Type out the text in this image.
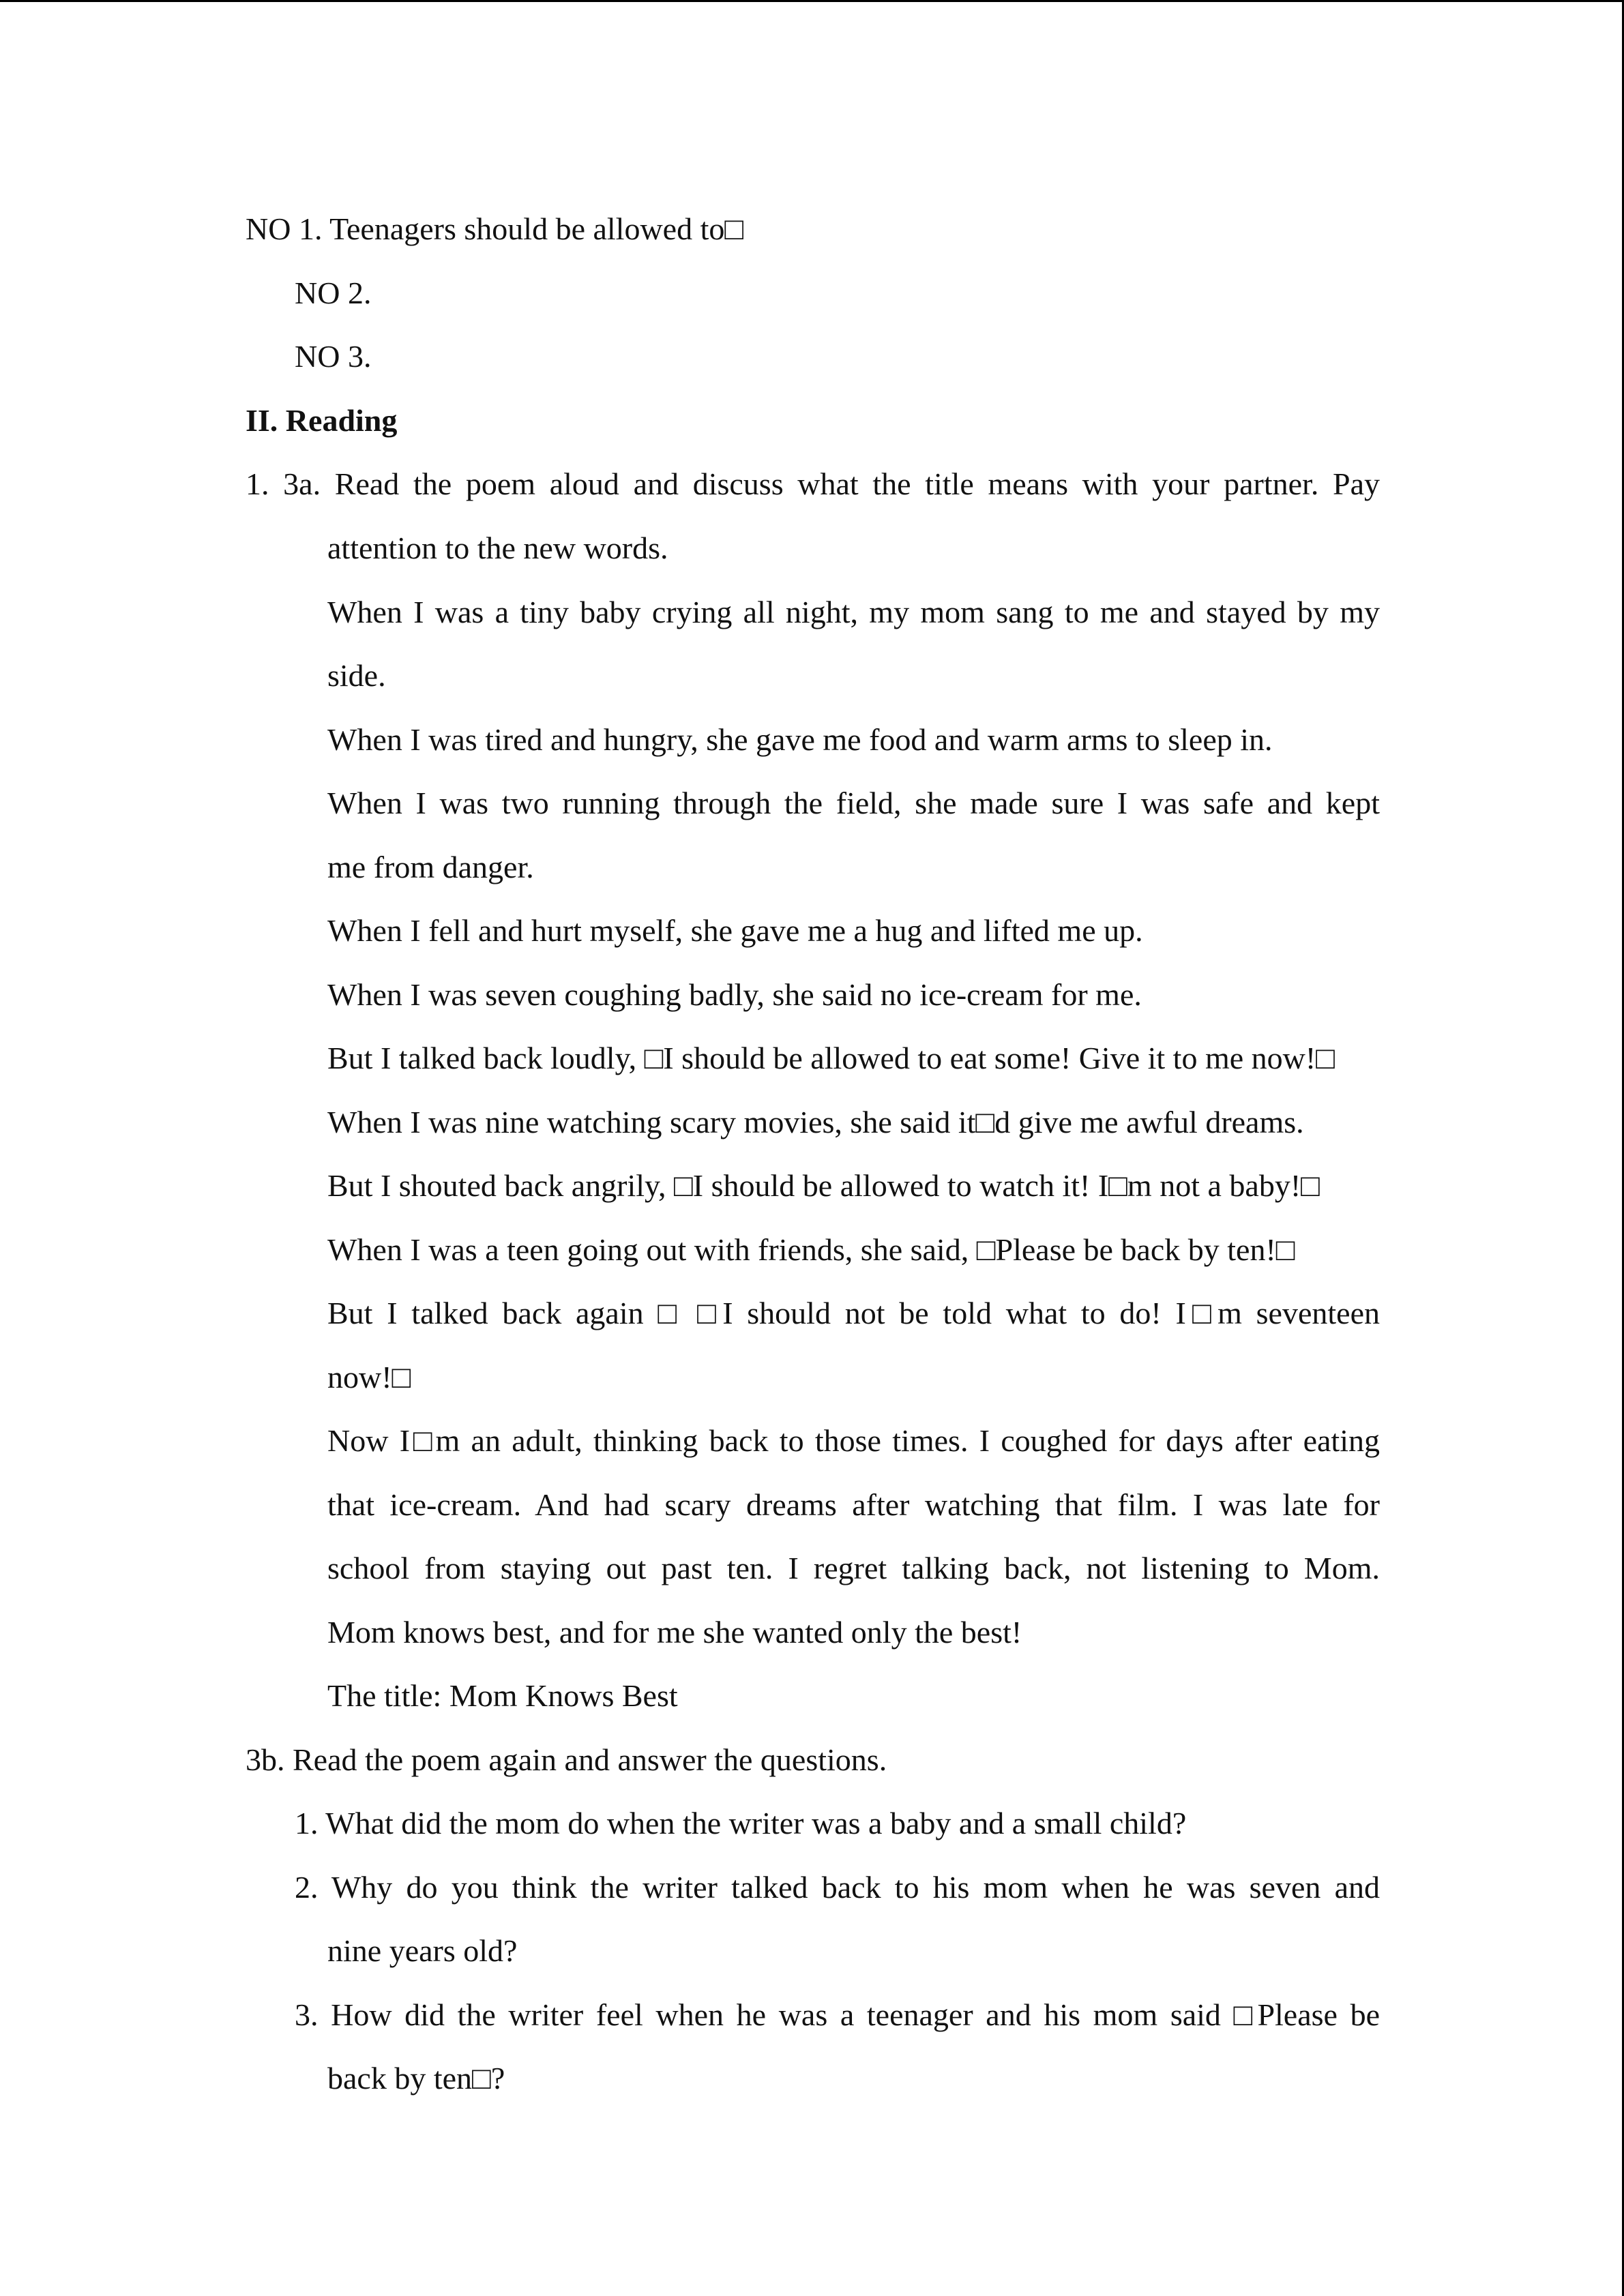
NO 1. Teenagers should be allowed to□
NO 2.
NO 3.
II. Reading
1. 3a. Read the poem aloud and discuss what the title means with your partner. Pay
attention to the new words.
When I was a tiny baby crying all night, my mom sang to me and stayed by my
side.
When I was tired and hungry, she gave me food and warm arms to sleep in.
When I was two running through the field, she made sure I was safe and kept
me from danger.
When I fell and hurt myself, she gave me a hug and lifted me up.
When I was seven coughing badly, she said no ice-cream for me.
But I talked back loudly, □I should be allowed to eat some! Give it to me now!□
When I was nine watching scary movies, she said it□d give me awful dreams.
But I shouted back angrily, □I should be allowed to watch it! I□m not a baby!□
When I was a teen going out with friends, she said, □Please be back by ten!□
But I talked back again □ □I should not be told what to do! I□m seventeen
now!□
Now I□m an adult, thinking back to those times. I coughed for days after eating
that ice-cream. And had scary dreams after watching that film. I was late for
school from staying out past ten. I regret talking back, not listening to Mom.
Mom knows best, and for me she wanted only the best!
The title: Mom Knows Best
3b. Read the poem again and answer the questions.
1. What did the mom do when the writer was a baby and a small child?
2. Why do you think the writer talked back to his mom when he was seven and
nine years old?
3. How did the writer feel when he was a teenager and his mom said □Please be
back by ten□?
